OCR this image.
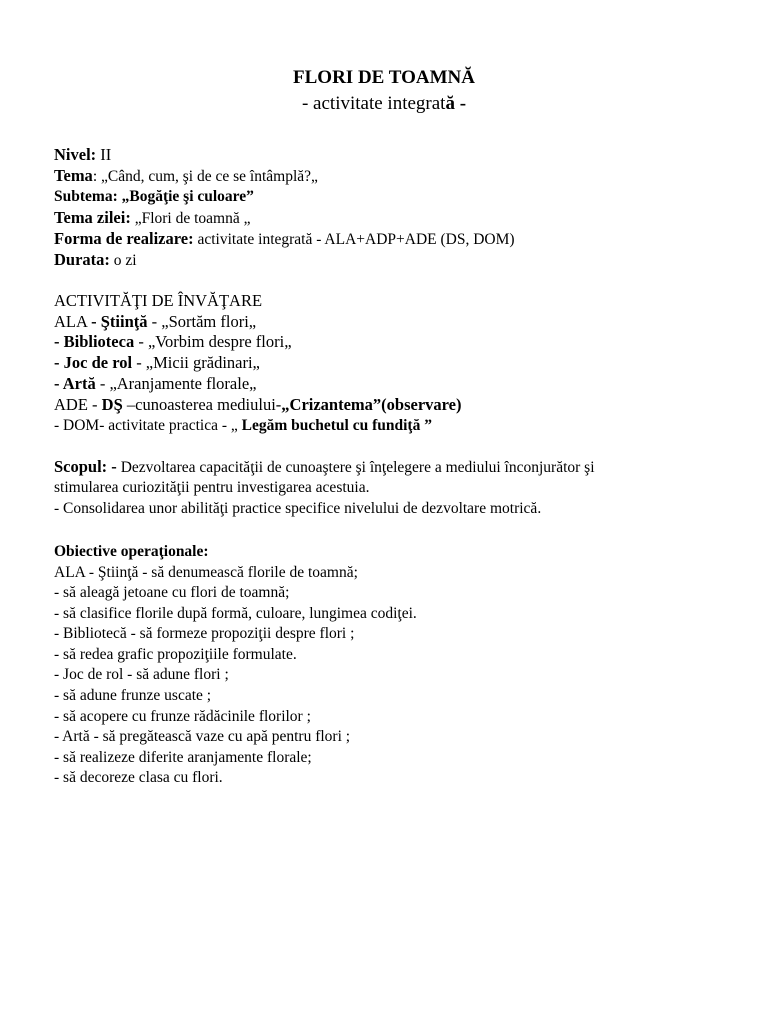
FLORI DE TOAMNĂ
- activitate integrată -
Nivel: II
Tema: „Când, cum, şi de ce se întâmplă?„
Subtema: „Bogăţie şi culoare”
Tema zilei: „Flori de toamnă „
Forma de realizare: activitate integrată - ALA+ADP+ADE (DS, DOM)
Durata: o zi
ACTIVITĂŢI DE ÎNVĂŢARE
ALA - Ştiinţă - „Sortăm flori„
- Biblioteca - „Vorbim despre flori„
- Joc de rol - „Micii grădinari„
- Artă - „Aranjamente florale„
ADE - DŞ –cunoasterea mediului-„Crizantema”(observare)
- DOM- activitate practica - „ Legăm buchetul cu fundiţă ”
Scopul: - Dezvoltarea capacităţii de cunoaştere şi înţelegere a mediului înconjurător şi
stimularea curiozităţii pentru investigarea acestuia.
- Consolidarea unor abilităţi practice specifice nivelului de dezvoltare motrică.
Obiective operaţionale:
ALA - Ştiinţă - să denumească florile de toamnă;
- să aleagă jetoane cu flori de toamnă;
- să clasifice florile după formă, culoare, lungimea codiţei.
- Bibliotecă - să formeze propoziţii despre flori ;
- să redea grafic propoziţiile formulate.
- Joc de rol - să adune flori ;
- să adune frunze uscate ;
- să acopere cu frunze rădăcinile florilor ;
- Artă - să pregătească vaze cu apă pentru flori ;
- să realizeze diferite aranjamente florale;
- să decoreze clasa cu flori.
